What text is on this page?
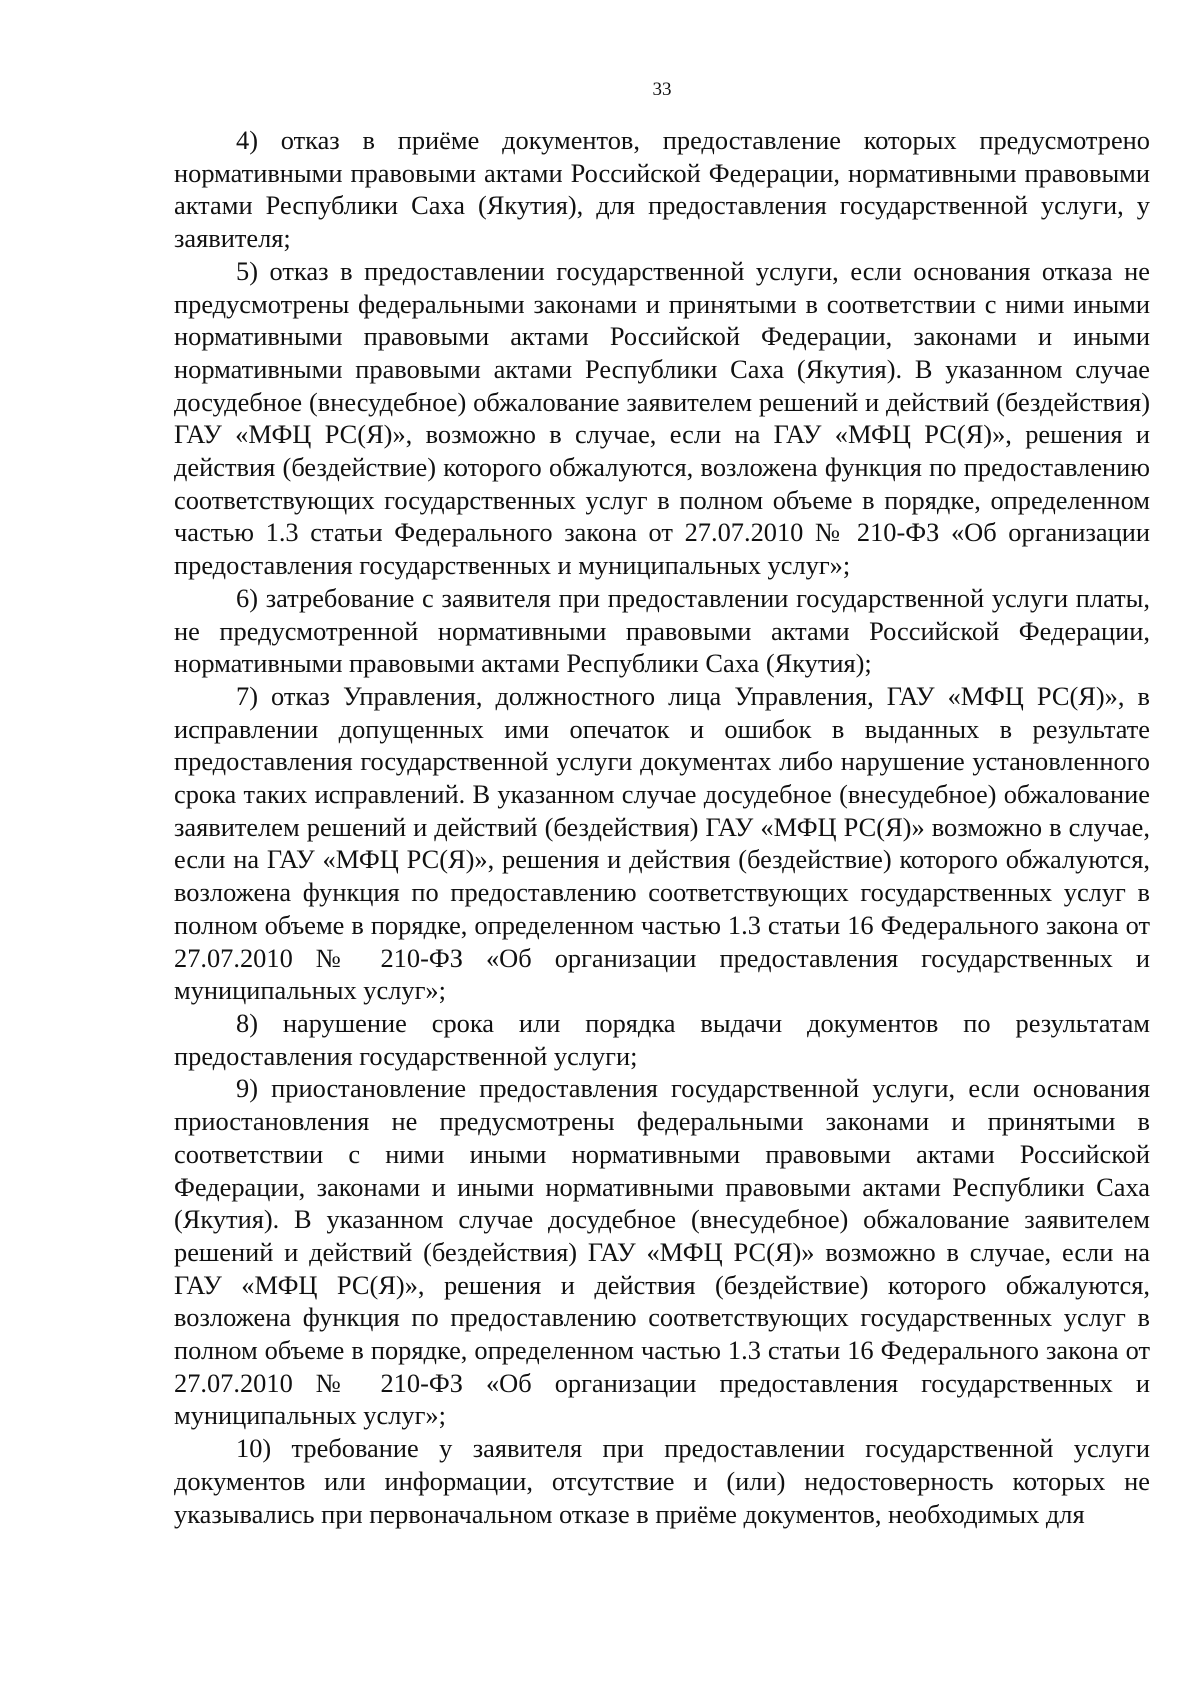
33

4) отказ в приёме документов, предоставление которых предусмотрено нормативными правовыми актами Российской Федерации, нормативными правовыми актами Республики Саха (Якутия), для предоставления государственной услуги, у заявителя;

5) отказ в предоставлении государственной услуги, если основания отказа не предусмотрены федеральными законами и принятыми в соответствии с ними иными нормативными правовыми актами Российской Федерации, законами и иными нормативными правовыми актами Республики Саха (Якутия). В указанном случае досудебное (внесудебное) обжалование заявителем решений и действий (бездействия) ГАУ «МФЦ РС(Я)», возможно в случае, если на ГАУ «МФЦ РС(Я)», решения и действия (бездействие) которого обжалуются, возложена функция по предоставлению соответствующих государственных услуг в полном объеме в порядке, определенном частью 1.3 статьи Федерального закона от 27.07.2010 № 210-ФЗ «Об организации предоставления государственных и муниципальных услуг»;

6) затребование с заявителя при предоставлении государственной услуги платы, не предусмотренной нормативными правовыми актами Российской Федерации, нормативными правовыми актами Республики Саха (Якутия);

7) отказ Управления, должностного лица Управления, ГАУ «МФЦ РС(Я)», в исправлении допущенных ими опечаток и ошибок в выданных в результате предоставления государственной услуги документах либо нарушение установленного срока таких исправлений. В указанном случае досудебное (внесудебное) обжалование заявителем решений и действий (бездействия) ГАУ «МФЦ РС(Я)» возможно в случае, если на ГАУ «МФЦ РС(Я)», решения и действия (бездействие) которого обжалуются, возложена функция по предоставлению соответствующих государственных услуг в полном объеме в порядке, определенном частью 1.3 статьи 16 Федерального закона от 27.07.2010 № 210-ФЗ «Об организации предоставления государственных и муниципальных услуг»;

8) нарушение срока или порядка выдачи документов по результатам предоставления государственной услуги;

9) приостановление предоставления государственной услуги, если основания приостановления не предусмотрены федеральными законами и принятыми в соответствии с ними иными нормативными правовыми актами Российской Федерации, законами и иными нормативными правовыми актами Республики Саха (Якутия). В указанном случае досудебное (внесудебное) обжалование заявителем решений и действий (бездействия) ГАУ «МФЦ РС(Я)» возможно в случае, если на ГАУ «МФЦ РС(Я)», решения и действия (бездействие) которого обжалуются, возложена функция по предоставлению соответствующих государственных услуг в полном объеме в порядке, определенном частью 1.3 статьи 16 Федерального закона от 27.07.2010 № 210-ФЗ «Об организации предоставления государственных и муниципальных услуг»;

10) требование у заявителя при предоставлении государственной услуги документов или информации, отсутствие и (или) недостоверность которых не указывались при первоначальном отказе в приёме документов, необходимых для
